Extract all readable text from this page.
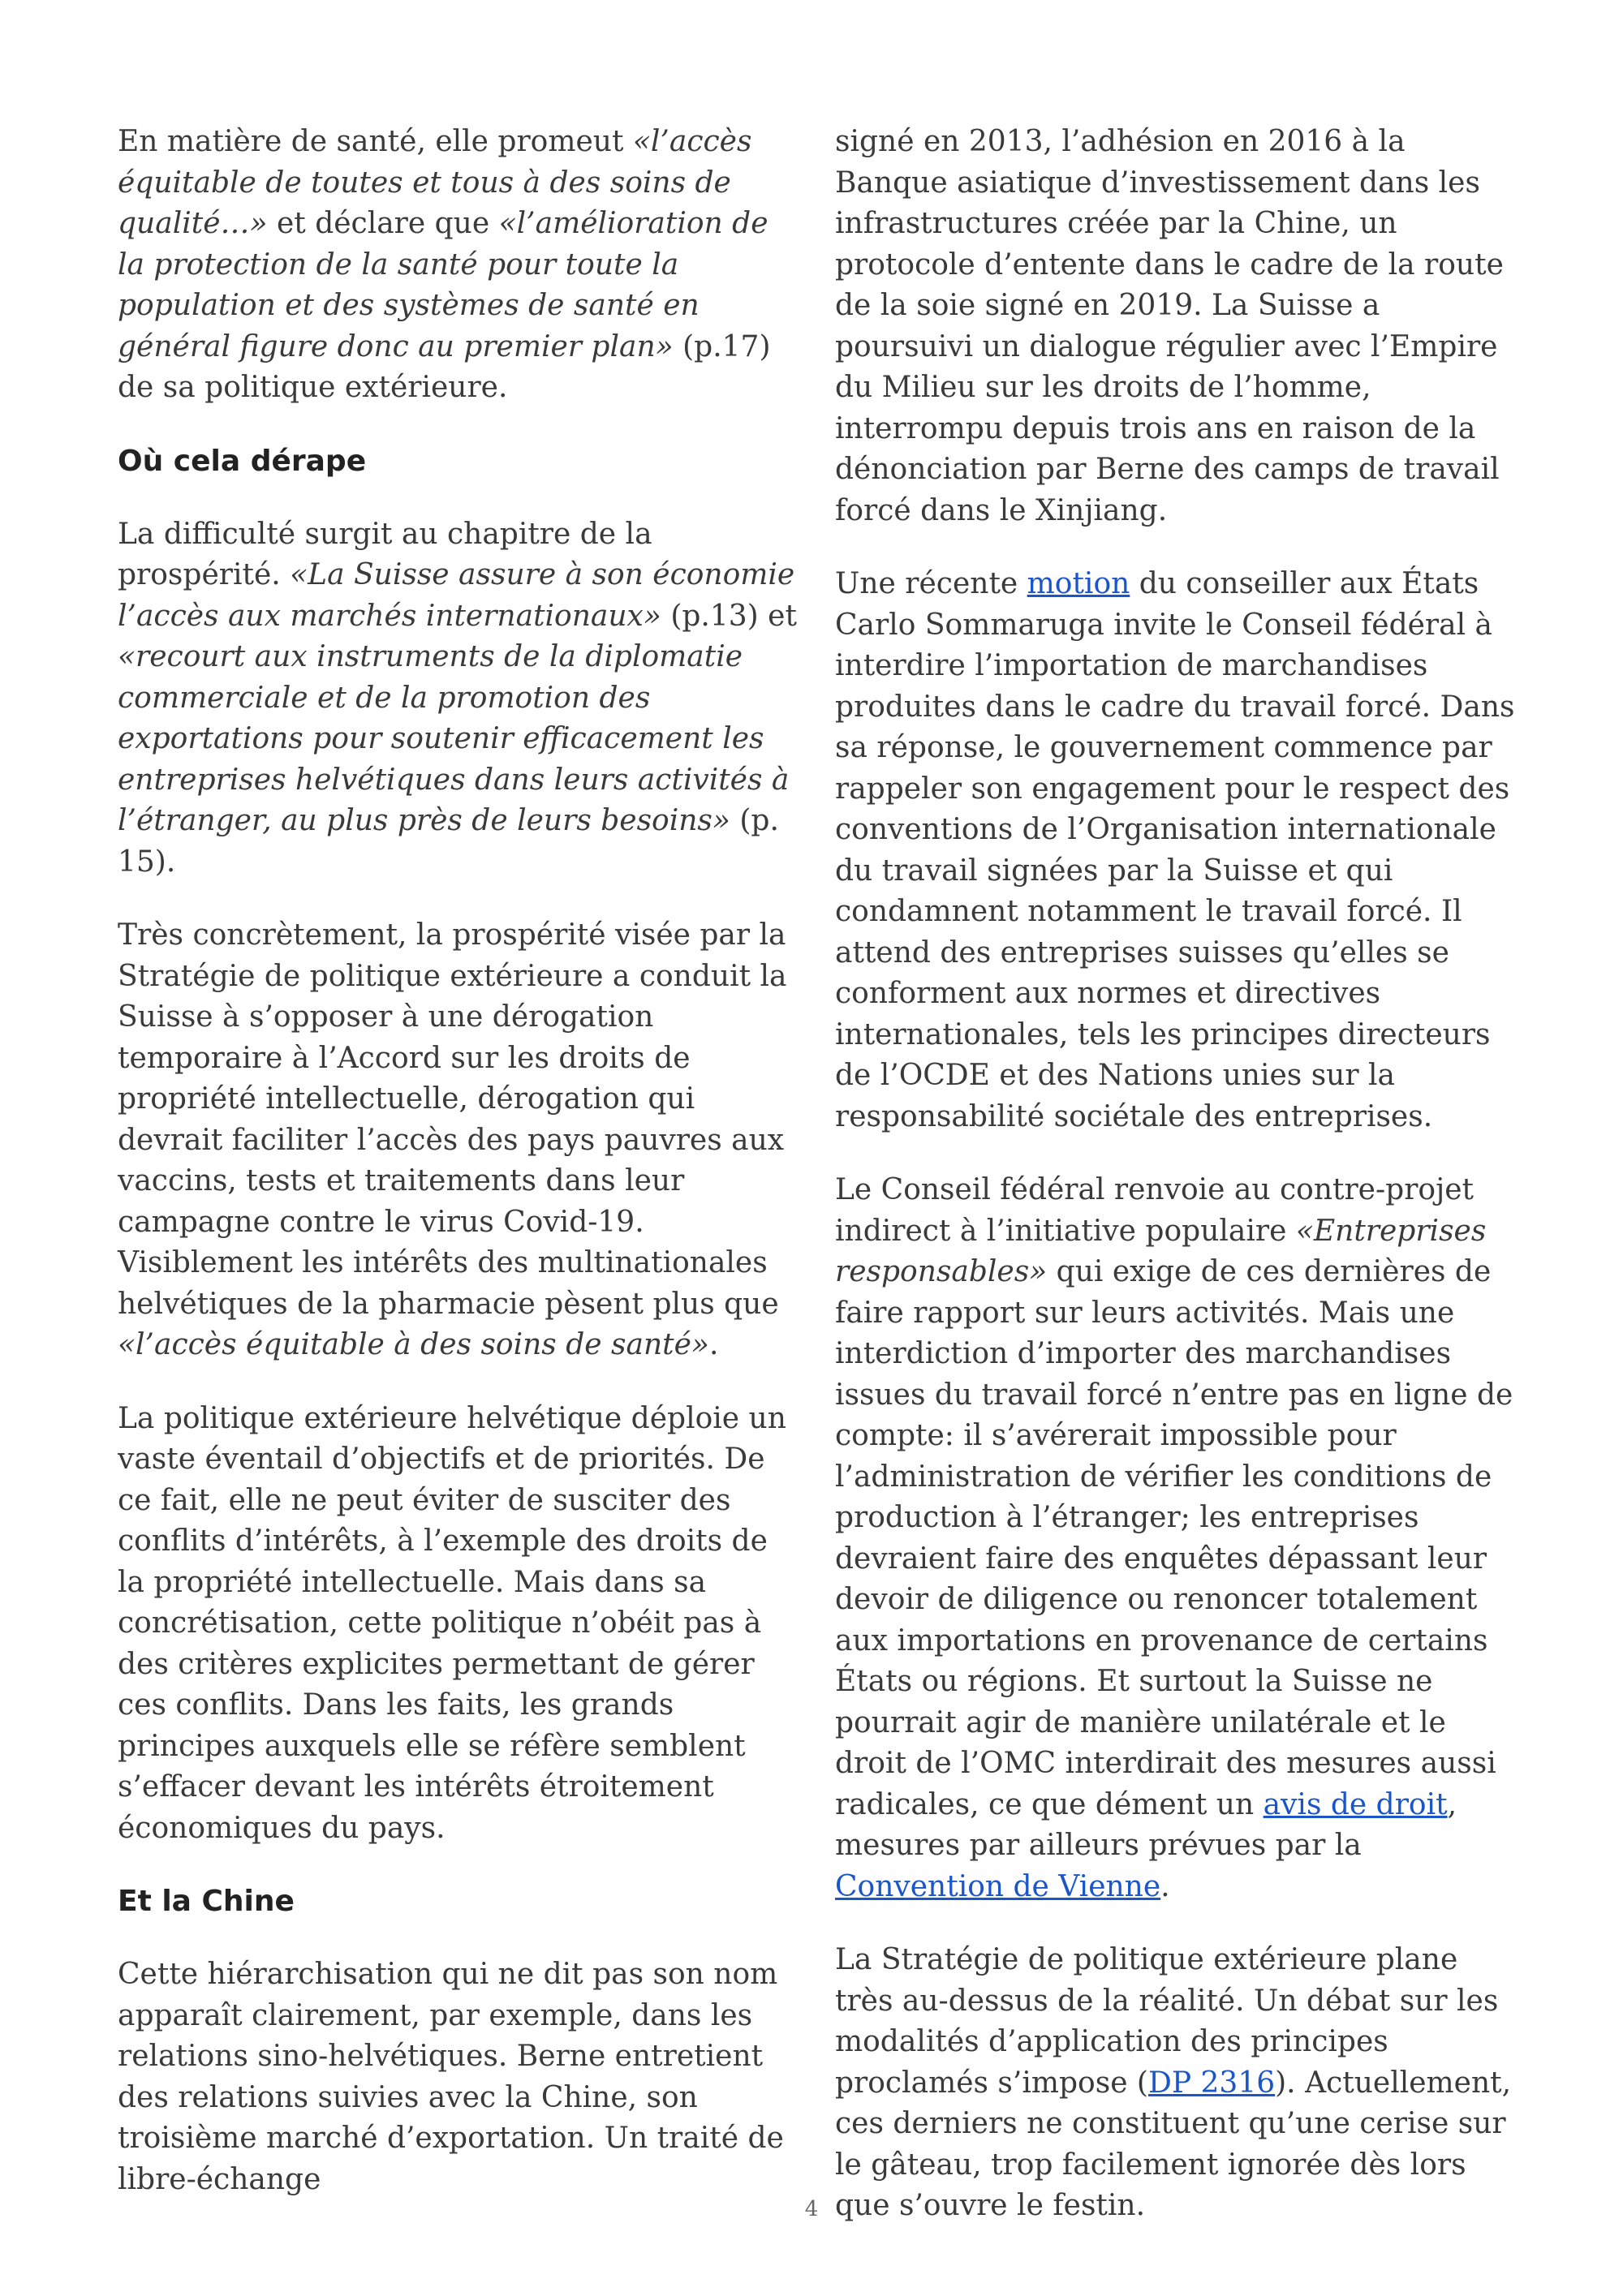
En matière de santé, elle promeut «l’accès équitable de toutes et tous à des soins de qualité…» et déclare que «l’amélioration de la protection de la santé pour toute la population et des systèmes de santé en général figure donc au premier plan» (p.17) de sa politique extérieure.

Où cela dérape

La difficulté surgit au chapitre de la prospérité. «La Suisse assure à son économie l’accès aux marchés internationaux» (p.13) et «recourt aux instruments de la diplomatie commerciale et de la promotion des exportations pour soutenir efficacement les entreprises helvétiques dans leurs activités à l’étranger, au plus près de leurs besoins» (p. 15).

Très concrètement, la prospérité visée par la Stratégie de politique extérieure a conduit la Suisse à s’opposer à une dérogation temporaire à l’Accord sur les droits de propriété intellectuelle, dérogation qui devrait faciliter l’accès des pays pauvres aux vaccins, tests et traitements dans leur campagne contre le virus Covid-19. Visiblement les intérêts des multinationales helvétiques de la pharmacie pèsent plus que «l’accès équitable à des soins de santé».

La politique extérieure helvétique déploie un vaste éventail d’objectifs et de priorités. De ce fait, elle ne peut éviter de susciter des conflits d’intérêts, à l’exemple des droits de la propriété intellectuelle. Mais dans sa concrétisation, cette politique n’obéit pas à des critères explicites permettant de gérer ces conflits. Dans les faits, les grands principes auxquels elle se réfère semblent s’effacer devant les intérêts étroitement économiques du pays.

Et la Chine

Cette hiérarchisation qui ne dit pas son nom apparaît clairement, par exemple, dans les relations sino-helvétiques. Berne entretient des relations suivies avec la Chine, son troisième marché d’exportation. Un traité de libre-échange

signé en 2013, l’adhésion en 2016 à la Banque asiatique d’investissement dans les infrastructures créée par la Chine, un protocole d’entente dans le cadre de la route de la soie signé en 2019. La Suisse a poursuivi un dialogue régulier avec l’Empire du Milieu sur les droits de l’homme, interrompu depuis trois ans en raison de la dénonciation par Berne des camps de travail forcé dans le Xinjiang.

Une récente motion du conseiller aux États Carlo Sommaruga invite le Conseil fédéral à interdire l’importation de marchandises produites dans le cadre du travail forcé. Dans sa réponse, le gouvernement commence par rappeler son engagement pour le respect des conventions de l’Organisation internationale du travail signées par la Suisse et qui condamnent notamment le travail forcé. Il attend des entreprises suisses qu’elles se conforment aux normes et directives internationales, tels les principes directeurs de l’OCDE et des Nations unies sur la responsabilité sociétale des entreprises.

Le Conseil fédéral renvoie au contre-projet indirect à l’initiative populaire «Entreprises responsables» qui exige de ces dernières de faire rapport sur leurs activités. Mais une interdiction d’importer des marchandises issues du travail forcé n’entre pas en ligne de compte: il s’avérerait impossible pour l’administration de vérifier les conditions de production à l’étranger; les entreprises devraient faire des enquêtes dépassant leur devoir de diligence ou renoncer totalement aux importations en provenance de certains États ou régions. Et surtout la Suisse ne pourrait agir de manière unilatérale et le droit de l’OMC interdirait des mesures aussi radicales, ce que dément un avis de droit, mesures par ailleurs prévues par la Convention de Vienne.

La Stratégie de politique extérieure plane très au-dessus de la réalité. Un débat sur les modalités d’application des principes proclamés s’impose (DP 2316). Actuellement, ces derniers ne constituent qu’une cerise sur le gâteau, trop facilement ignorée dès lors que s’ouvre le festin.

4
